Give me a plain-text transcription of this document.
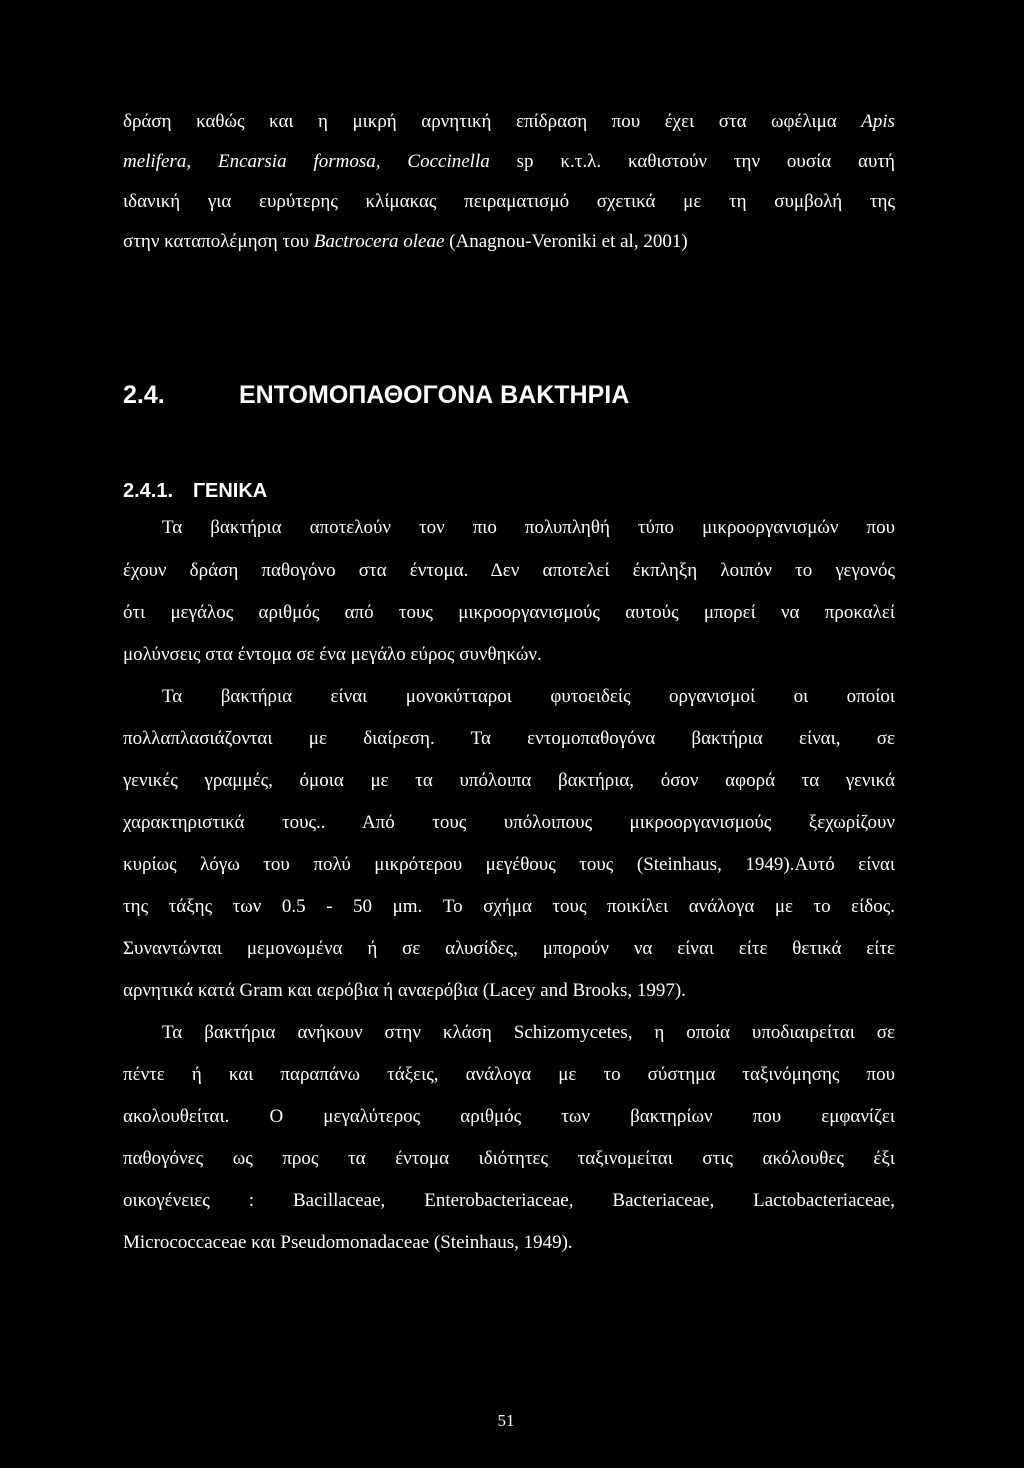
δράση καθώς και η μικρή αρνητική επίδραση που έχει στα ωφέλιμα Apis
melifera, Encarsia formosa, Coccinella sp κ.τ.λ. καθιστούν την ουσία αυτή
ιδανική για ευρύτερης κλίμακας πειραματισμό σχετικά με τη συμβολή της
στην καταπολέμηση του Bactrocera oleae (Anagnou-Veroniki et al, 2001)
2.4.	ΕΝΤΟΜΟΠΑΘΟΓΟΝΑ ΒΑΚΤΗΡΙΑ
2.4.1. ΓΕΝΙΚΑ
Τα βακτήρια αποτελούν τον πιο πολυπληθή τύπο μικροοργανισμών που
έχουν δράση παθογόνο στα έντομα. Δεν αποτελεί έκπληξη λοιπόν το γεγονός
ότι μεγάλος αριθμός από τους μικροοργανισμούς αυτούς μπορεί να προκαλεί
μολύνσεις στα έντομα σε ένα μεγάλο εύρος συνθηκών.
Τα βακτήρια είναι μονοκύτταροι φυτοειδείς οργανισμοί οι οποίοι
πολλαπλασιάζονται με διαίρεση. Τα εντομοπαθογόνα βακτήρια είναι, σε
γενικές γραμμές, όμοια με τα υπόλοιπα βακτήρια, όσον αφορά τα γενικά
χαρακτηριστικά τους.. Από τους υπόλοιπους μικροοργανισμούς ξεχωρίζουν
κυρίως λόγω του πολύ μικρότερου μεγέθους τους (Steinhaus, 1949).Αυτό είναι
της τάξης των 0.5 - 50 μm. Το σχήμα τους ποικίλει ανάλογα με το είδος.
Συναντώνται μεμονωμένα ή σε αλυσίδες, μπορούν να είναι είτε θετικά είτε
αρνητικά κατά Gram και αερόβια ή αναερόβια (Lacey and Brooks, 1997).
Τα βακτήρια ανήκουν στην κλάση Schizomycetes, η οποία υποδιαιρείται σε
πέντε ή και παραπάνω τάξεις, ανάλογα με το σύστημα ταξινόμησης που
ακολουθείται. Ο μεγαλύτερος αριθμός των βακτηρίων που εμφανίζει
παθογόνες ως προς τα έντομα ιδιότητες ταξινομείται στις ακόλουθες έξι
οικογένειες : Bacillaceae, Enterobacteriaceae, Bacteriaceae, Lactobacteriaceae,
Micrococcaceae και Pseudomonadaceae (Steinhaus, 1949).
51
